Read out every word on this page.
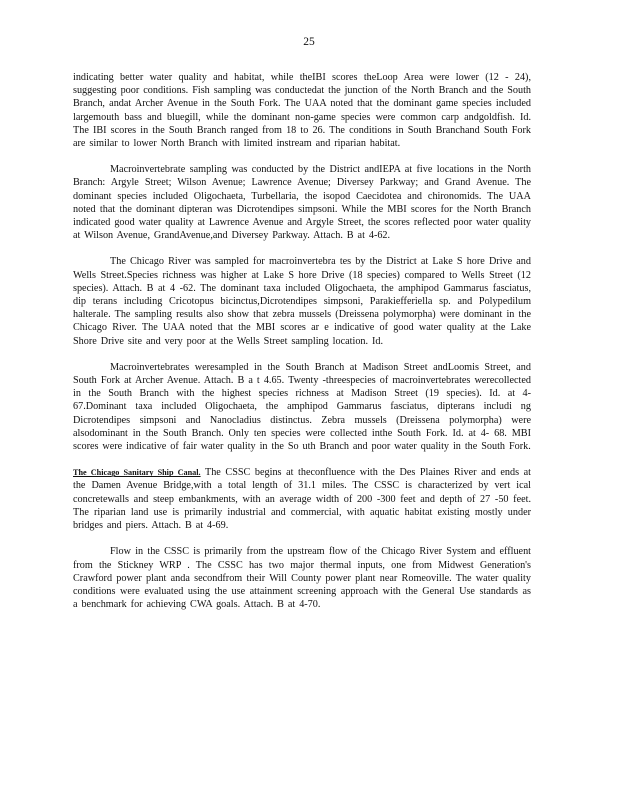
25

indicating better water quality and habitat, while theIBI scores theLoop Area were lower (12 - 24), suggesting poor conditions. Fish sampling was conductedat the junction of the North Branch and the South Branch, andat Archer Avenue in the South Fork. The UAA noted that the dominant game species included largemouth bass and bluegill, while the dominant non-game species were common carp andgoldfish. Id. The IBI scores in the South Branch ranged from 18 to 26. The conditions in South Branchand South Fork are similar to lower North Branch with limited instream and riparian habitat.

Macroinvertebrate sampling was conducted by the District andIEPA at five locations in the North Branch: Argyle Street; Wilson Avenue; Lawrence Avenue; Diversey Parkway; and Grand Avenue. The dominant species included Oligochaeta, Turbellaria, the isopod Caecidotea and chironomids. The UAA noted that the dominant dipteran was Dicrotendipes simpsoni. While the MBI scores for the North Branch indicated good water quality at Lawrence Avenue and Argyle Street, the scores reflected poor water quality at Wilson Avenue, GrandAvenue,and Diversey Parkway. Attach. B at 4-62.

The Chicago River was sampled for macroinvertebra tes by the District at Lake S hore Drive and Wells Street.Species richness was higher at Lake S hore Drive (18 species) compared to Wells Street (12 species). Attach. B at 4 -62. The dominant taxa included Oligochaeta, the amphipod Gammarus fasciatus, dip terans including Cricotopus bicinctus,Dicrotendipes simpsoni, Parakiefferiella sp. and Polypedilum halterale. The sampling results also show that zebra mussels (Dreissena polymorpha) were dominant in the Chicago River. The UAA noted that the MBI scores ar e indicative of good water quality at the Lake Shore Drive site and very poor at the Wells Street sampling location. Id.

Macroinvertebrates weresampled in the South Branch at Madison Street andLoomis Street, and South Fork at Archer Avenue. Attach. B a t 4.65. Twenty -threespecies of macroinvertebrates werecollected in the South Branch with the highest species richness at Madison Street (19 species). Id. at 4- 67.Dominant taxa included Oligochaeta, the amphipod Gammarus fasciatus, dipterans includi ng Dicrotendipes simpsoni and Nanocladius distinctus. Zebra mussels (Dreissena polymorpha) were alsodominant in the South Branch. Only ten species were collected inthe South Fork. Id. at 4- 68. MBI scores were indicative of fair water quality in the So uth Branch and poor water quality in the South Fork.

The Chicago Sanitary Ship Canal. The CSSC begins at theconfluence with the Des Plaines River and ends at the Damen Avenue Bridge,with a total length of 31.1 miles. The CSSC is characterized by vert ical concretewalls and steep embankments, with an average width of 200 -300 feet and depth of 27 -50 feet. The riparian land use is primarily industrial and commercial, with aquatic habitat existing mostly under bridges and piers. Attach. B at 4-69.

Flow in the CSSC is primarily from the upstream flow of the Chicago River System and effluent from the Stickney WRP . The CSSC has two major thermal inputs, one from Midwest Generation's Crawford power plant anda secondfrom their Will County power plant near Romeoville. The water quality conditions were evaluated using the use attainment screening approach with the General Use standards as a benchmark for achieving CWA goals. Attach. B at 4-70.
